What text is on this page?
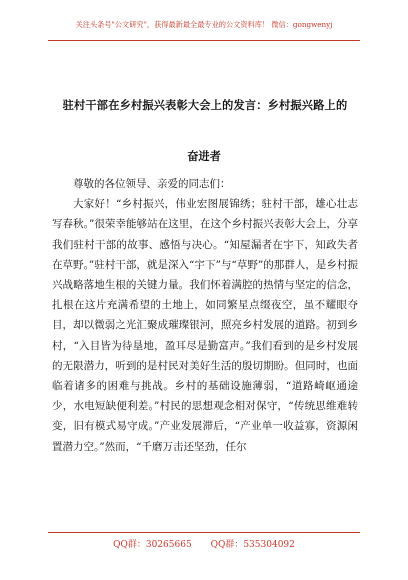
关注头条号"公文研究"，获得最新最全最专业的公文资料库！ 微信：gongwenyj
驻村干部在乡村振兴表彰大会上的发言：乡村振兴路上的
奋进者

尊敬的各位领导、亲爱的同志们：

大家好！“乡村振兴，伟业宏图展锦绣；驻村干部，雄心壮志写春秋。”很荣幸能够站在这里，在这个乡村振兴表彰大会上，分享我们驻村干部的故事、感悟与决心。“知屋漏者在宇下，知政失者在草野。”驻村干部，就是深入“宇下”与“草野”的那群人，是乡村振兴战略落地生根的关键力量。我们怀着满腔的热情与坚定的信念，扎根在这片充满希望的土地上，如同繁星点缀夜空，虽不耀眼夺目，却以微弱之光汇聚成璀璨银河，照亮乡村发展的道路。初到乡村，“入目皆为待垦地，盈耳尽是勤富声。”我们看到的是乡村发展的无限潜力，听到的是村民对美好生活的殷切期盼。但同时，也面临着诸多的困难与挑战。乡村的基础设施薄弱，“道路崎岖通途少，水电短缺便利差。”村民的思想观念相对保守，“传统思维难转变，旧有模式易守成。”产业发展滞后，“产业单一收益寡，资源闲置潜力空。”然而，“千磨万击还坚劲，任尔

QQ群：30265665 QQ群：535304092
